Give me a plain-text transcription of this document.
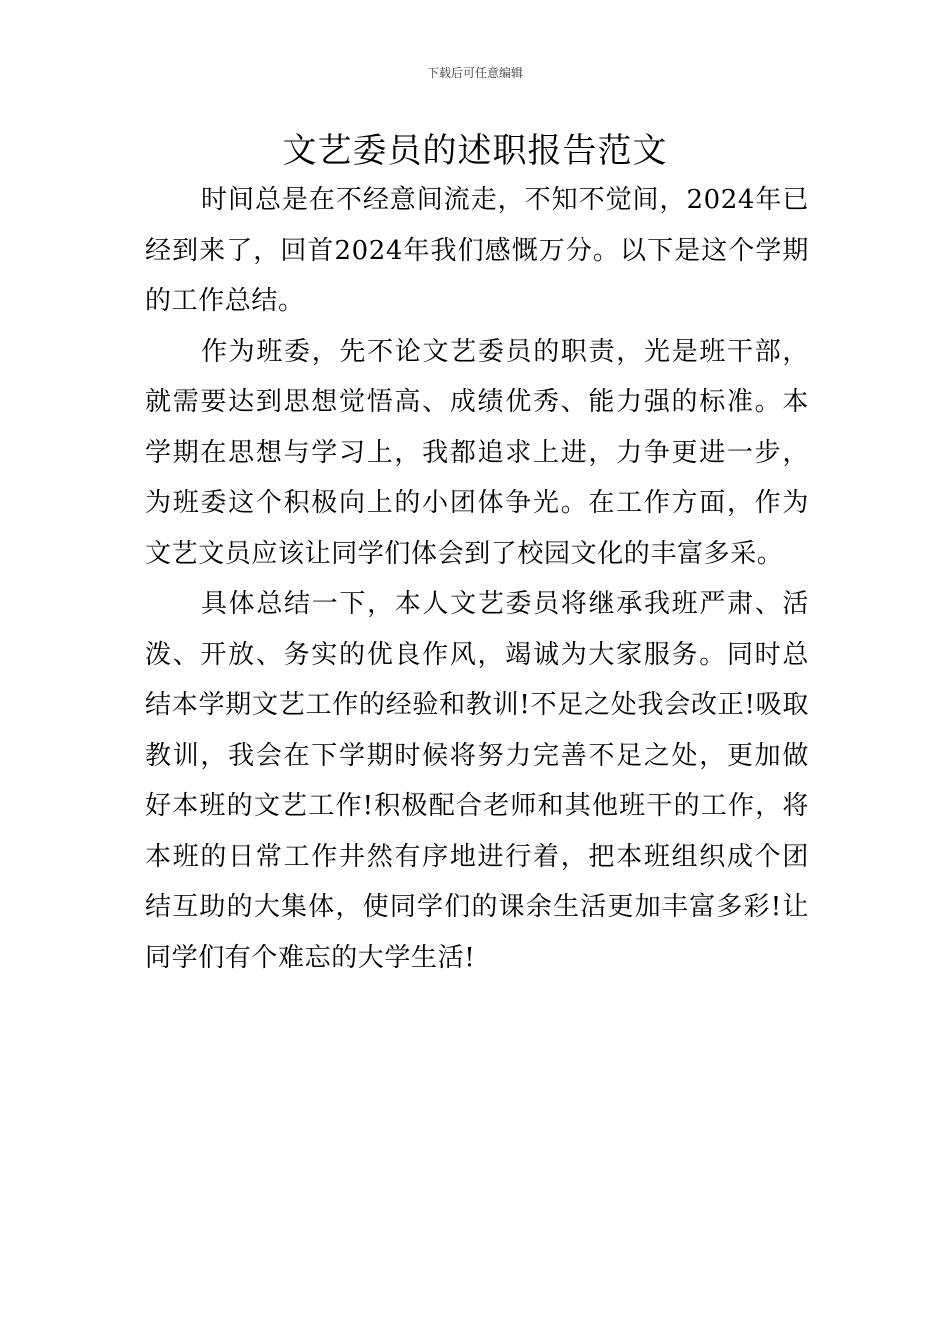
下载后可任意编辑
文艺委员的述职报告范文

时间总是在不经意间流走，不知不觉间，2024年已经到来了，回首2024年我们感慨万分。以下是这个学期的工作总结。

作为班委，先不论文艺委员的职责，光是班干部，就需要达到思想觉悟高、成绩优秀、能力强的标准。本学期在思想与学习上，我都追求上进，力争更进一步，为班委这个积极向上的小团体争光。在工作方面，作为文艺文员应该让同学们体会到了校园文化的丰富多采。

具体总结一下，本人文艺委员将继承我班严肃、活泼、开放、务实的优良作风，竭诚为大家服务。同时总结本学期文艺工作的经验和教训!不足之处我会改正!吸取教训，我会在下学期时候将努力完善不足之处，更加做好本班的文艺工作!积极配合老师和其他班干的工作，将本班的日常工作井然有序地进行着，把本班组织成个团结互助的大集体，使同学们的课余生活更加丰富多彩!让同学们有个难忘的大学生活!
